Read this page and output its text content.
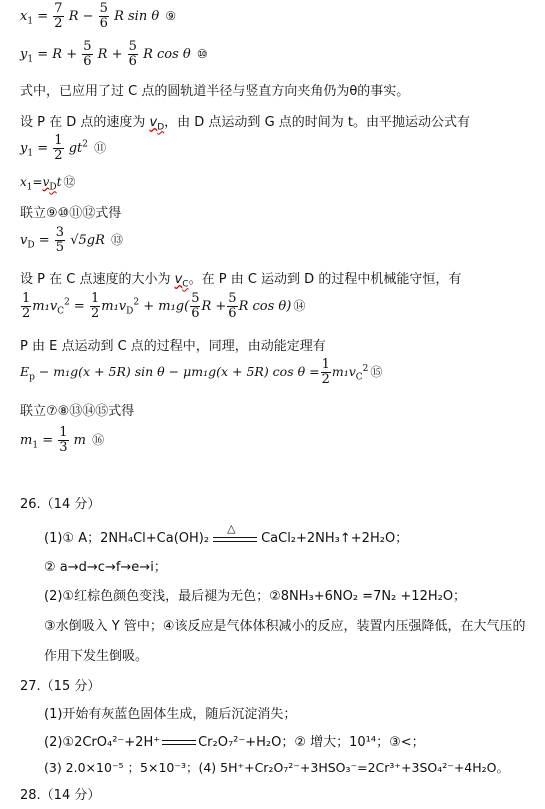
$x_1 = \frac{7}{2}$ $R - \frac{5}{6}$ R sin θ ⑨
$y_1 = R + \frac{5}{6}$ $R + \frac{5}{6}$ R cos θ ⑩
式中，已应用了过 C 点的圆轨道半径与竖直方向夹角仍为θ的事实。
设 P 在 D 点的速度为 $v_D$，由 D 点运动到 G 点的时间为 t。由平抛运动公式有
$y_1 = \frac{1}{2} gt^2$ ⑪
$x_1=v_Dt$ ⑫
联立⑨⑩⑪⑫式得
$v_D = \frac{3}{5} √5gR$ ⑬
设 P 在 C 点速度的大小为 $v_C$。在 P 由 C 运动到 D 的过程中机械能守恒，有
$\frac{1}{2} m_1v_C^2 = \frac{1}{2} m_1v_D^2 + m_1g( \frac{5}{6}$ $R + \frac{5}{6}$ R cos θ) ⑭
P 由 E 点运动到 C 点的过程中，同理，由动能定理有
$E_p - m_1g(x + 5R)$ sin θ − μm₁g(x + 5R) $\cos \theta = \frac{1}{2} m_1v_C^2$ ⑮
联立⑦⑧⑬⑭⑮式得
$m_1 = \frac{1}{3}$ m ⑯
26.（14 分）
(1)① A；2NH₄Cl+Ca(OH)₂
△
CaCl₂+2NH₃↑+2H₂O；
② a→d→c→f→e→i；
(2)①红棕色颜色变浅，最后褪为无色；②8NH₃+6NO₂ =7N₂ +12H₂O；
③水倒吸入 Y 管中；④该反应是气体体积减小的反应，装置内压强降低，在大气压的
作用下发生倒吸。
27.（15 分）
(1)开始有灰蓝色固体生成，随后沉淀消失；
(2)①2CrO₄²⁻+2H⁺	Cr₂O₇²⁻+H₂O；② 增大；10¹⁴；③<；
(3) 2.0×10⁻⁵ ；5×10⁻³；(4) 5H⁺+Cr₂O₇²⁻+3HSO₃⁻=2Cr³⁺+3SO₄²⁻+4H₂O。
28.（14 分）
